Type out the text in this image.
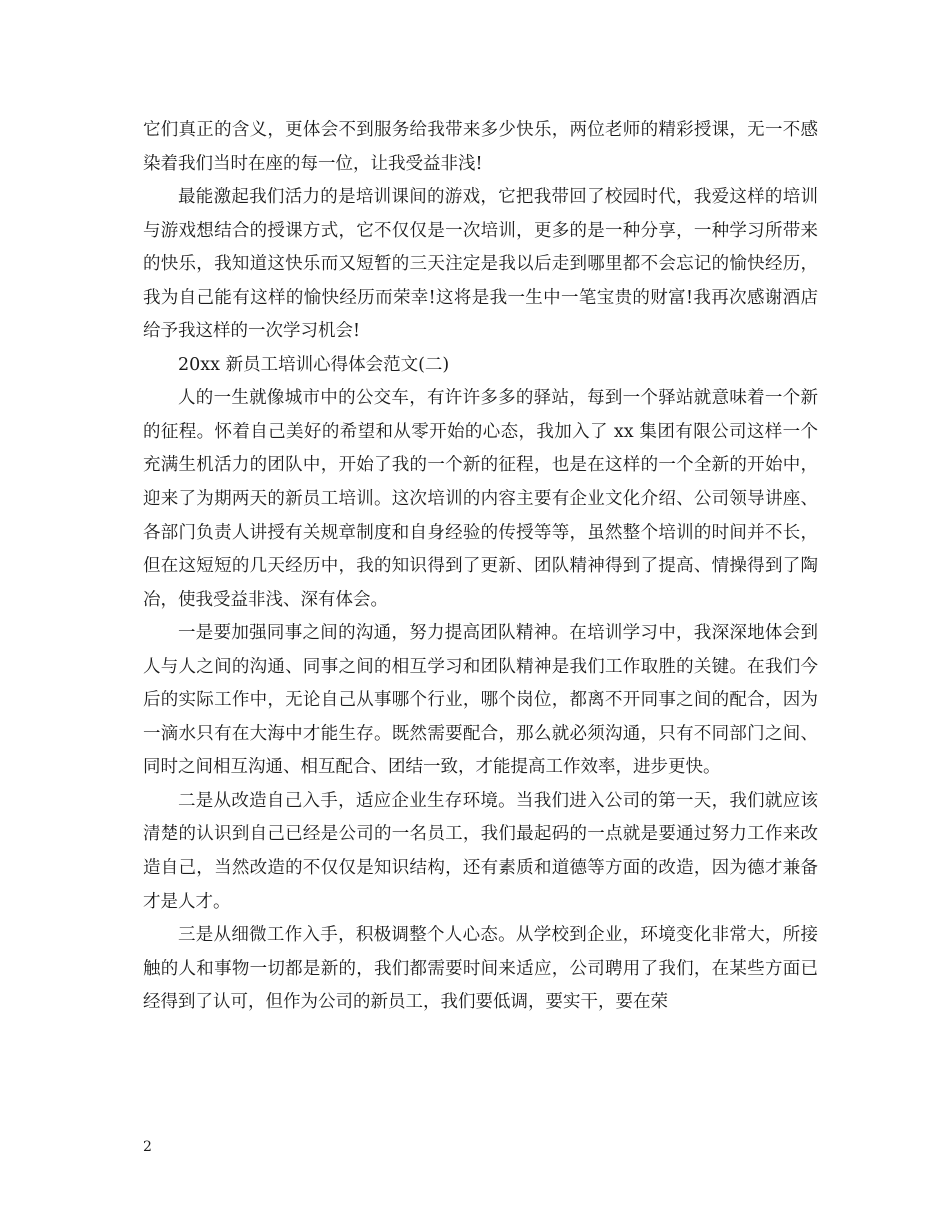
它们真正的含义，更体会不到服务给我带来多少快乐，两位老师的精彩授课，无一不感染着我们当时在座的每一位，让我受益非浅!

最能激起我们活力的是培训课间的游戏，它把我带回了校园时代，我爱这样的培训与游戏想结合的授课方式，它不仅仅是一次培训，更多的是一种分享，一种学习所带来的快乐，我知道这快乐而又短暂的三天注定是我以后走到哪里都不会忘记的愉快经历，我为自己能有这样的愉快经历而荣幸!这将是我一生中一笔宝贵的财富!我再次感谢酒店给予我这样的一次学习机会!

20xx 新员工培训心得体会范文(二)

人的一生就像城市中的公交车，有许许多多的驿站，每到一个驿站就意味着一个新的征程。怀着自己美好的希望和从零开始的心态，我加入了 xx 集团有限公司这样一个充满生机活力的团队中，开始了我的一个新的征程，也是在这样的一个全新的开始中，迎来了为期两天的新员工培训。这次培训的内容主要有企业文化介绍、公司领导讲座、各部门负责人讲授有关规章制度和自身经验的传授等等，虽然整个培训的时间并不长，但在这短短的几天经历中，我的知识得到了更新、团队精神得到了提高、情操得到了陶冶，使我受益非浅、深有体会。

一是要加强同事之间的沟通，努力提高团队精神。在培训学习中，我深深地体会到人与人之间的沟通、同事之间的相互学习和团队精神是我们工作取胜的关键。在我们今后的实际工作中，无论自己从事哪个行业，哪个岗位，都离不开同事之间的配合，因为一滴水只有在大海中才能生存。既然需要配合，那么就必须沟通，只有不同部门之间、同时之间相互沟通、相互配合、团结一致，才能提高工作效率，进步更快。

二是从改造自己入手，适应企业生存环境。当我们进入公司的第一天，我们就应该清楚的认识到自己已经是公司的一名员工，我们最起码的一点就是要通过努力工作来改造自己，当然改造的不仅仅是知识结构，还有素质和道德等方面的改造，因为德才兼备才是人才。

三是从细微工作入手，积极调整个人心态。从学校到企业，环境变化非常大，所接触的人和事物一切都是新的，我们都需要时间来适应，公司聘用了我们，在某些方面已经得到了认可，但作为公司的新员工，我们要低调，要实干，要在荣

2
